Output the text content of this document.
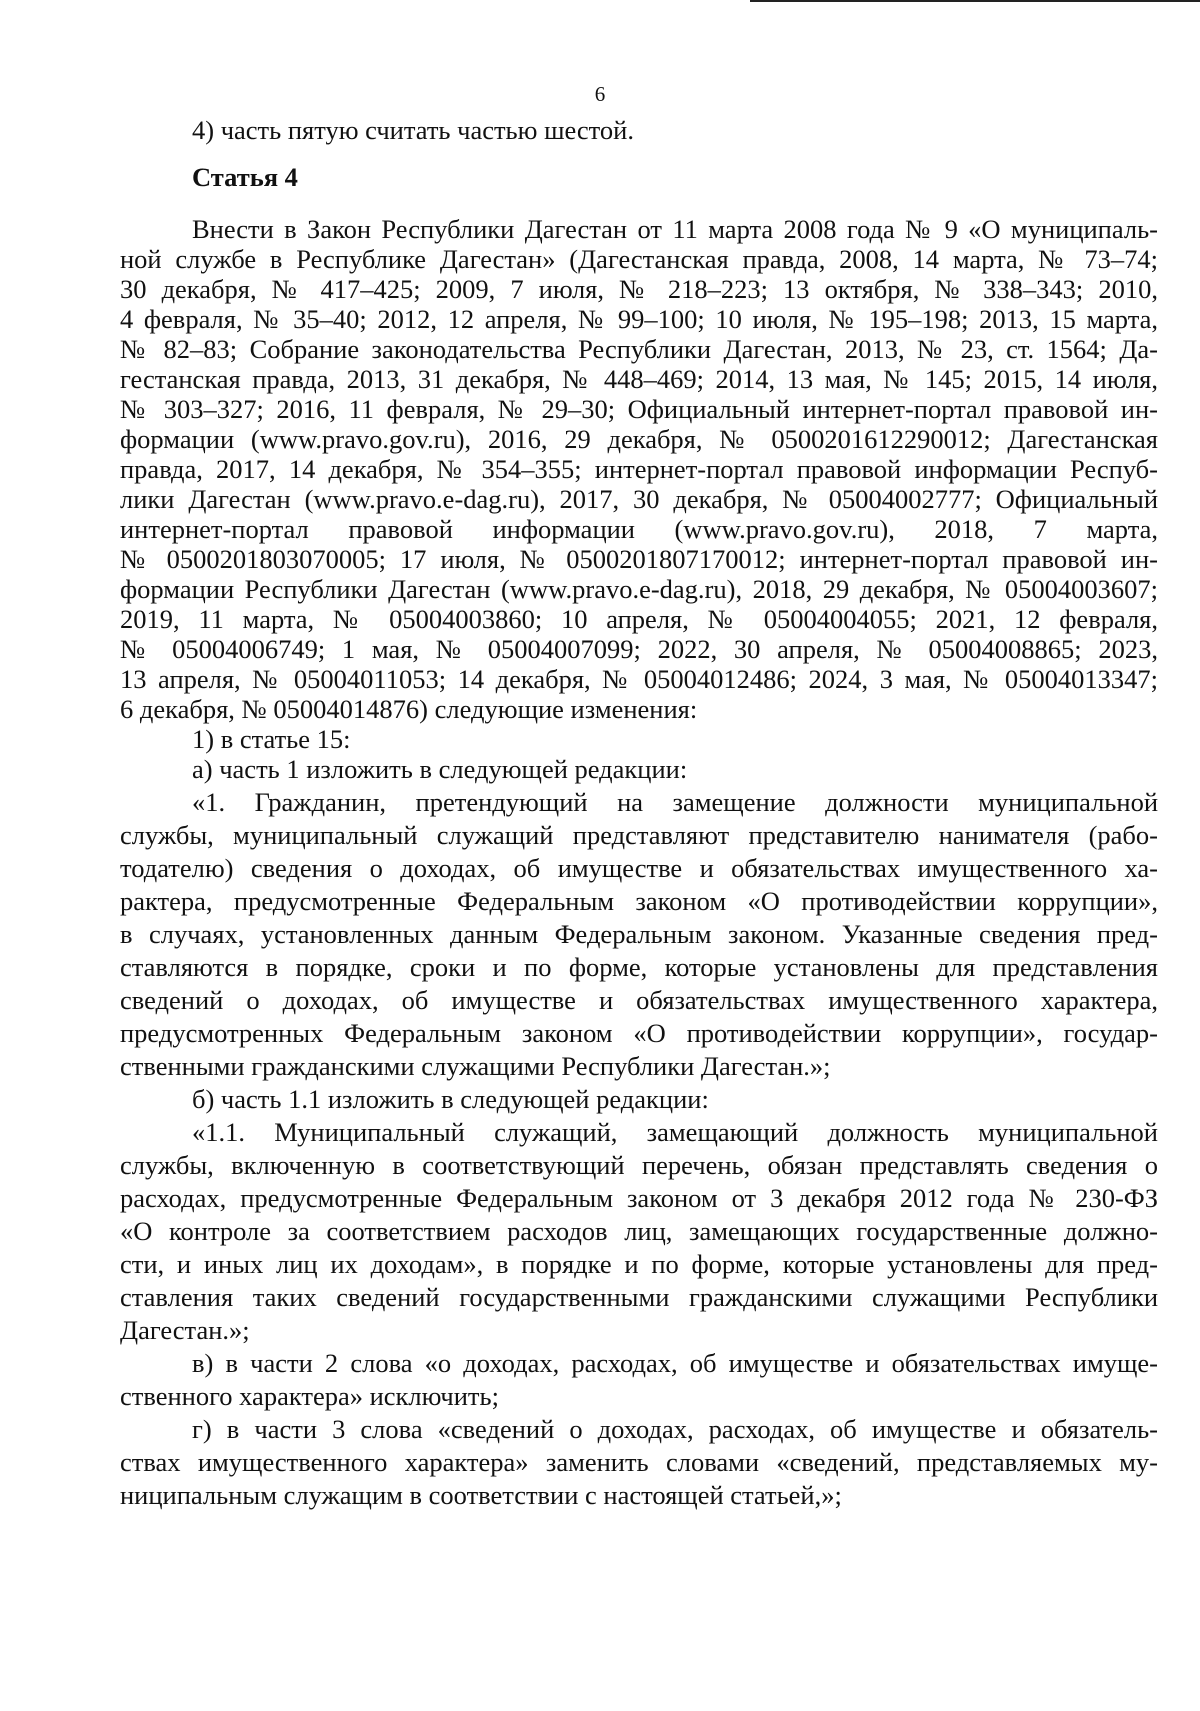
6
4) часть пятую считать частью шестой.
Статья 4
Внести в Закон Республики Дагестан от 11 марта 2008 года № 9 «О муниципаль-
ной службе в Республике Дагестан» (Дагестанская правда, 2008, 14 марта, № 73–74;
30 декабря, № 417–425; 2009, 7 июля, № 218–223; 13 октября, № 338–343; 2010,
4 февраля, № 35–40; 2012, 12 апреля, № 99–100; 10 июля, № 195–198; 2013, 15 марта,
№ 82–83; Собрание законодательства Республики Дагестан, 2013, № 23, ст. 1564; Да-
гестанская правда, 2013, 31 декабря, № 448–469; 2014, 13 мая, № 145; 2015, 14 июля,
№ 303–327; 2016, 11 февраля, № 29–30; Официальный интернет-портал правовой ин-
формации (www.pravo.gov.ru), 2016, 29 декабря, № 0500201612290012; Дагестанская
правда, 2017, 14 декабря, № 354–355; интернет-портал правовой информации Респуб-
лики Дагестан (www.pravo.e-dag.ru), 2017, 30 декабря, № 05004002777; Официальный
интернет-портал правовой информации (www.pravo.gov.ru), 2018, 7 марта,
№ 0500201803070005; 17 июля, № 0500201807170012; интернет-портал правовой ин-
формации Республики Дагестан (www.pravo.e-dag.ru), 2018, 29 декабря, № 05004003607;
2019, 11 марта, № 05004003860; 10 апреля, № 05004004055; 2021, 12 февраля,
№ 05004006749; 1 мая, № 05004007099; 2022, 30 апреля, № 05004008865; 2023,
13 апреля, № 05004011053; 14 декабря, № 05004012486; 2024, 3 мая, № 05004013347;
6 декабря, № 05004014876) следующие изменения:
1) в статье 15:
а) часть 1 изложить в следующей редакции:
«1. Гражданин, претендующий на замещение должности муниципальной
службы, муниципальный служащий представляют представителю нанимателя (рабо-
тодателю) сведения о доходах, об имуществе и обязательствах имущественного ха-
рактера, предусмотренные Федеральным законом «О противодействии коррупции»,
в случаях, установленных данным Федеральным законом. Указанные сведения пред-
ставляются в порядке, сроки и по форме, которые установлены для представления
сведений о доходах, об имуществе и обязательствах имущественного характера,
предусмотренных Федеральным законом «О противодействии коррупции», государ-
ственными гражданскими служащими Республики Дагестан.»;
б) часть 1.1 изложить в следующей редакции:
«1.1. Муниципальный служащий, замещающий должность муниципальной
службы, включенную в соответствующий перечень, обязан представлять сведения о
расходах, предусмотренные Федеральным законом от 3 декабря 2012 года № 230-ФЗ
«О контроле за соответствием расходов лиц, замещающих государственные должно-
сти, и иных лиц их доходам», в порядке и по форме, которые установлены для пред-
ставления таких сведений государственными гражданскими служащими Республики
Дагестан.»;
в) в части 2 слова «о доходах, расходах, об имуществе и обязательствах имуще-
ственного характера» исключить;
г) в части 3 слова «сведений о доходах, расходах, об имуществе и обязатель-
ствах имущественного характера» заменить словами «сведений, представляемых му-
ниципальным служащим в соответствии с настоящей статьей,»;
